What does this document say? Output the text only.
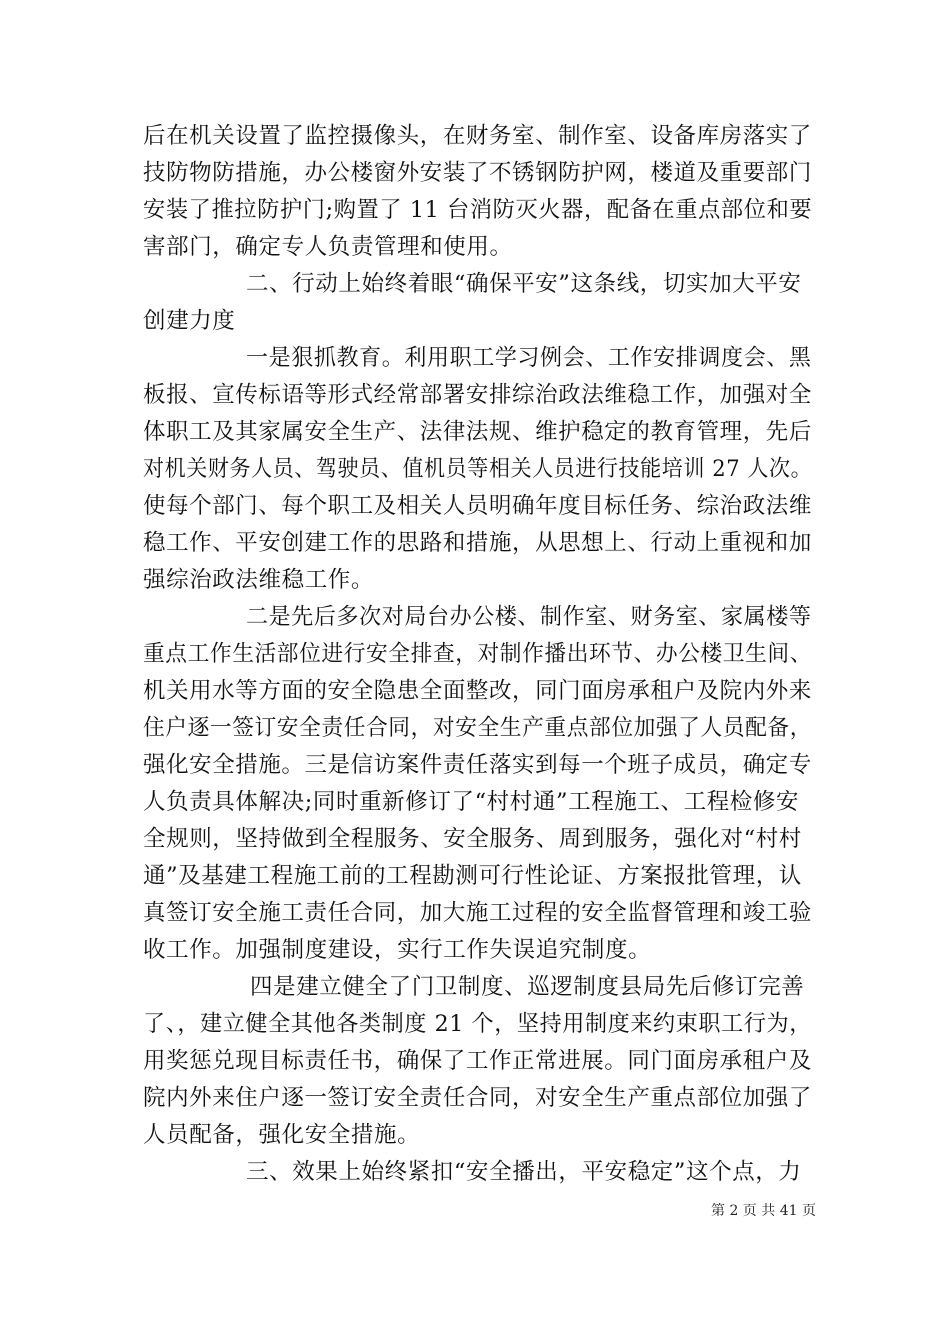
后在机关设置了监控摄像头，在财务室、制作室、设备库房落实了
技防物防措施，办公楼窗外安装了不锈钢防护网，楼道及重要部门
安装了推拉防护门;购置了 11 台消防灭火器，配备在重点部位和要
害部门，确定专人负责管理和使用。
二、行动上始终着眼“确保平安”这条线，切实加大平安
创建力度
一是狠抓教育。利用职工学习例会、工作安排调度会、黑
板报、宣传标语等形式经常部署安排综治政法维稳工作，加强对全
体职工及其家属安全生产、法律法规、维护稳定的教育管理，先后
对机关财务人员、驾驶员、值机员等相关人员进行技能培训 27 人次。
使每个部门、每个职工及相关人员明确年度目标任务、综治政法维
稳工作、平安创建工作的思路和措施，从思想上、行动上重视和加
强综治政法维稳工作。
二是先后多次对局台办公楼、制作室、财务室、家属楼等
重点工作生活部位进行安全排查，对制作播出环节、办公楼卫生间、
机关用水等方面的安全隐患全面整改，同门面房承租户及院内外来
住户逐一签订安全责任合同，对安全生产重点部位加强了人员配备，
强化安全措施。三是信访案件责任落实到每一个班子成员，确定专
人负责具体解决;同时重新修订了“村村通”工程施工、工程检修安
全规则，坚持做到全程服务、安全服务、周到服务，强化对“村村
通”及基建工程施工前的工程勘测可行性论证、方案报批管理，认
真签订安全施工责任合同，加大施工过程的安全监督管理和竣工验
收工作。加强制度建设，实行工作失误追究制度。
四是建立健全了门卫制度、巡逻制度县局先后修订完善
了、，建立健全其他各类制度 21 个，坚持用制度来约束职工行为，
用奖惩兑现目标责任书，确保了工作正常进展。同门面房承租户及
院内外来住户逐一签订安全责任合同，对安全生产重点部位加强了
人员配备，强化安全措施。
三、效果上始终紧扣“安全播出，平安稳定”这个点，力
第 2 页 共 41 页
